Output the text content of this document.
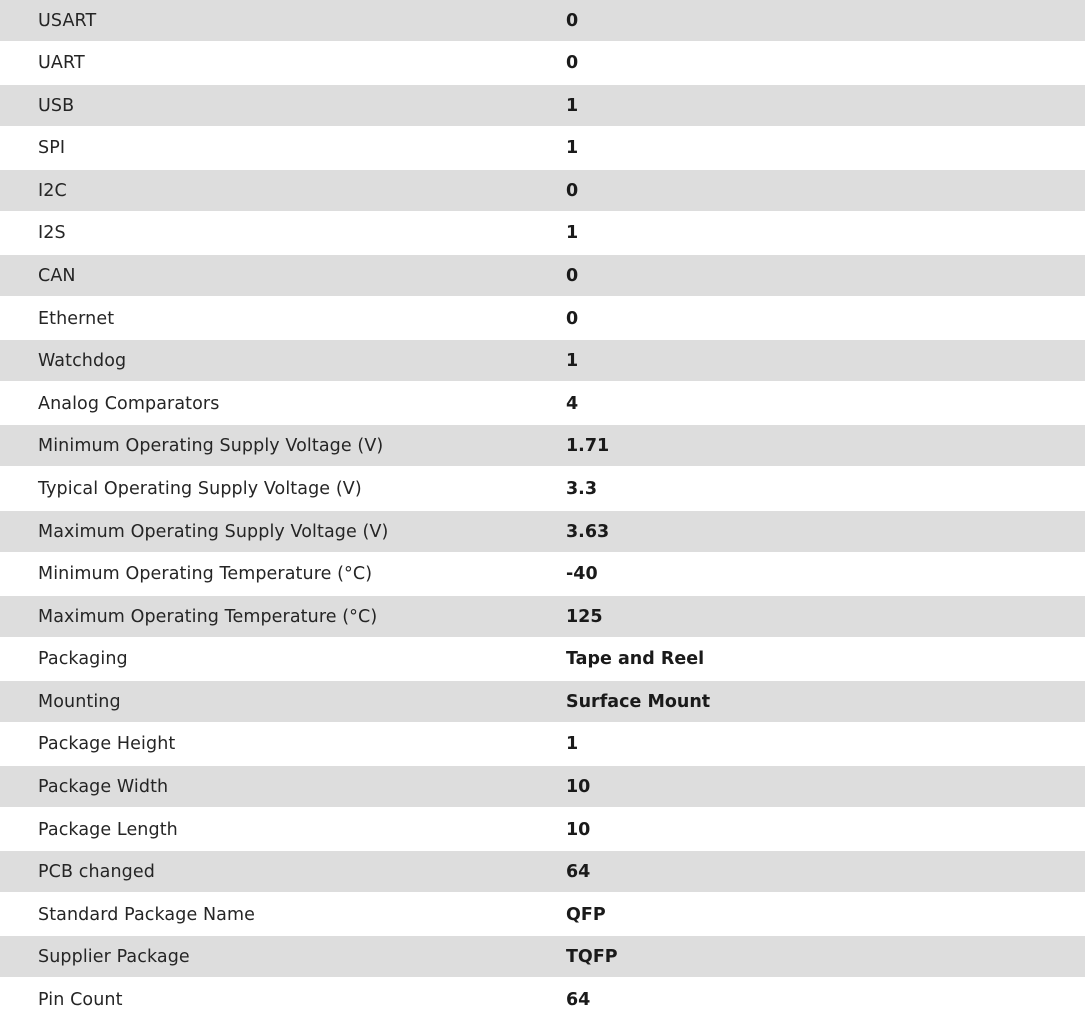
USART	0
UART	0
USB	1
SPI	1
I2C	0
I2S	1
CAN	0
Ethernet	0
Watchdog	1
Analog Comparators	4
Minimum Operating Supply Voltage (V)	1.71
Typical Operating Supply Voltage (V)	3.3
Maximum Operating Supply Voltage (V)	3.63
Minimum Operating Temperature (°C)	-40
Maximum Operating Temperature (°C)	125
Packaging	Tape and Reel
Mounting	Surface Mount
Package Height	1
Package Width	10
Package Length	10
PCB changed	64
Standard Package Name	QFP
Supplier Package	TQFP
Pin Count	64
